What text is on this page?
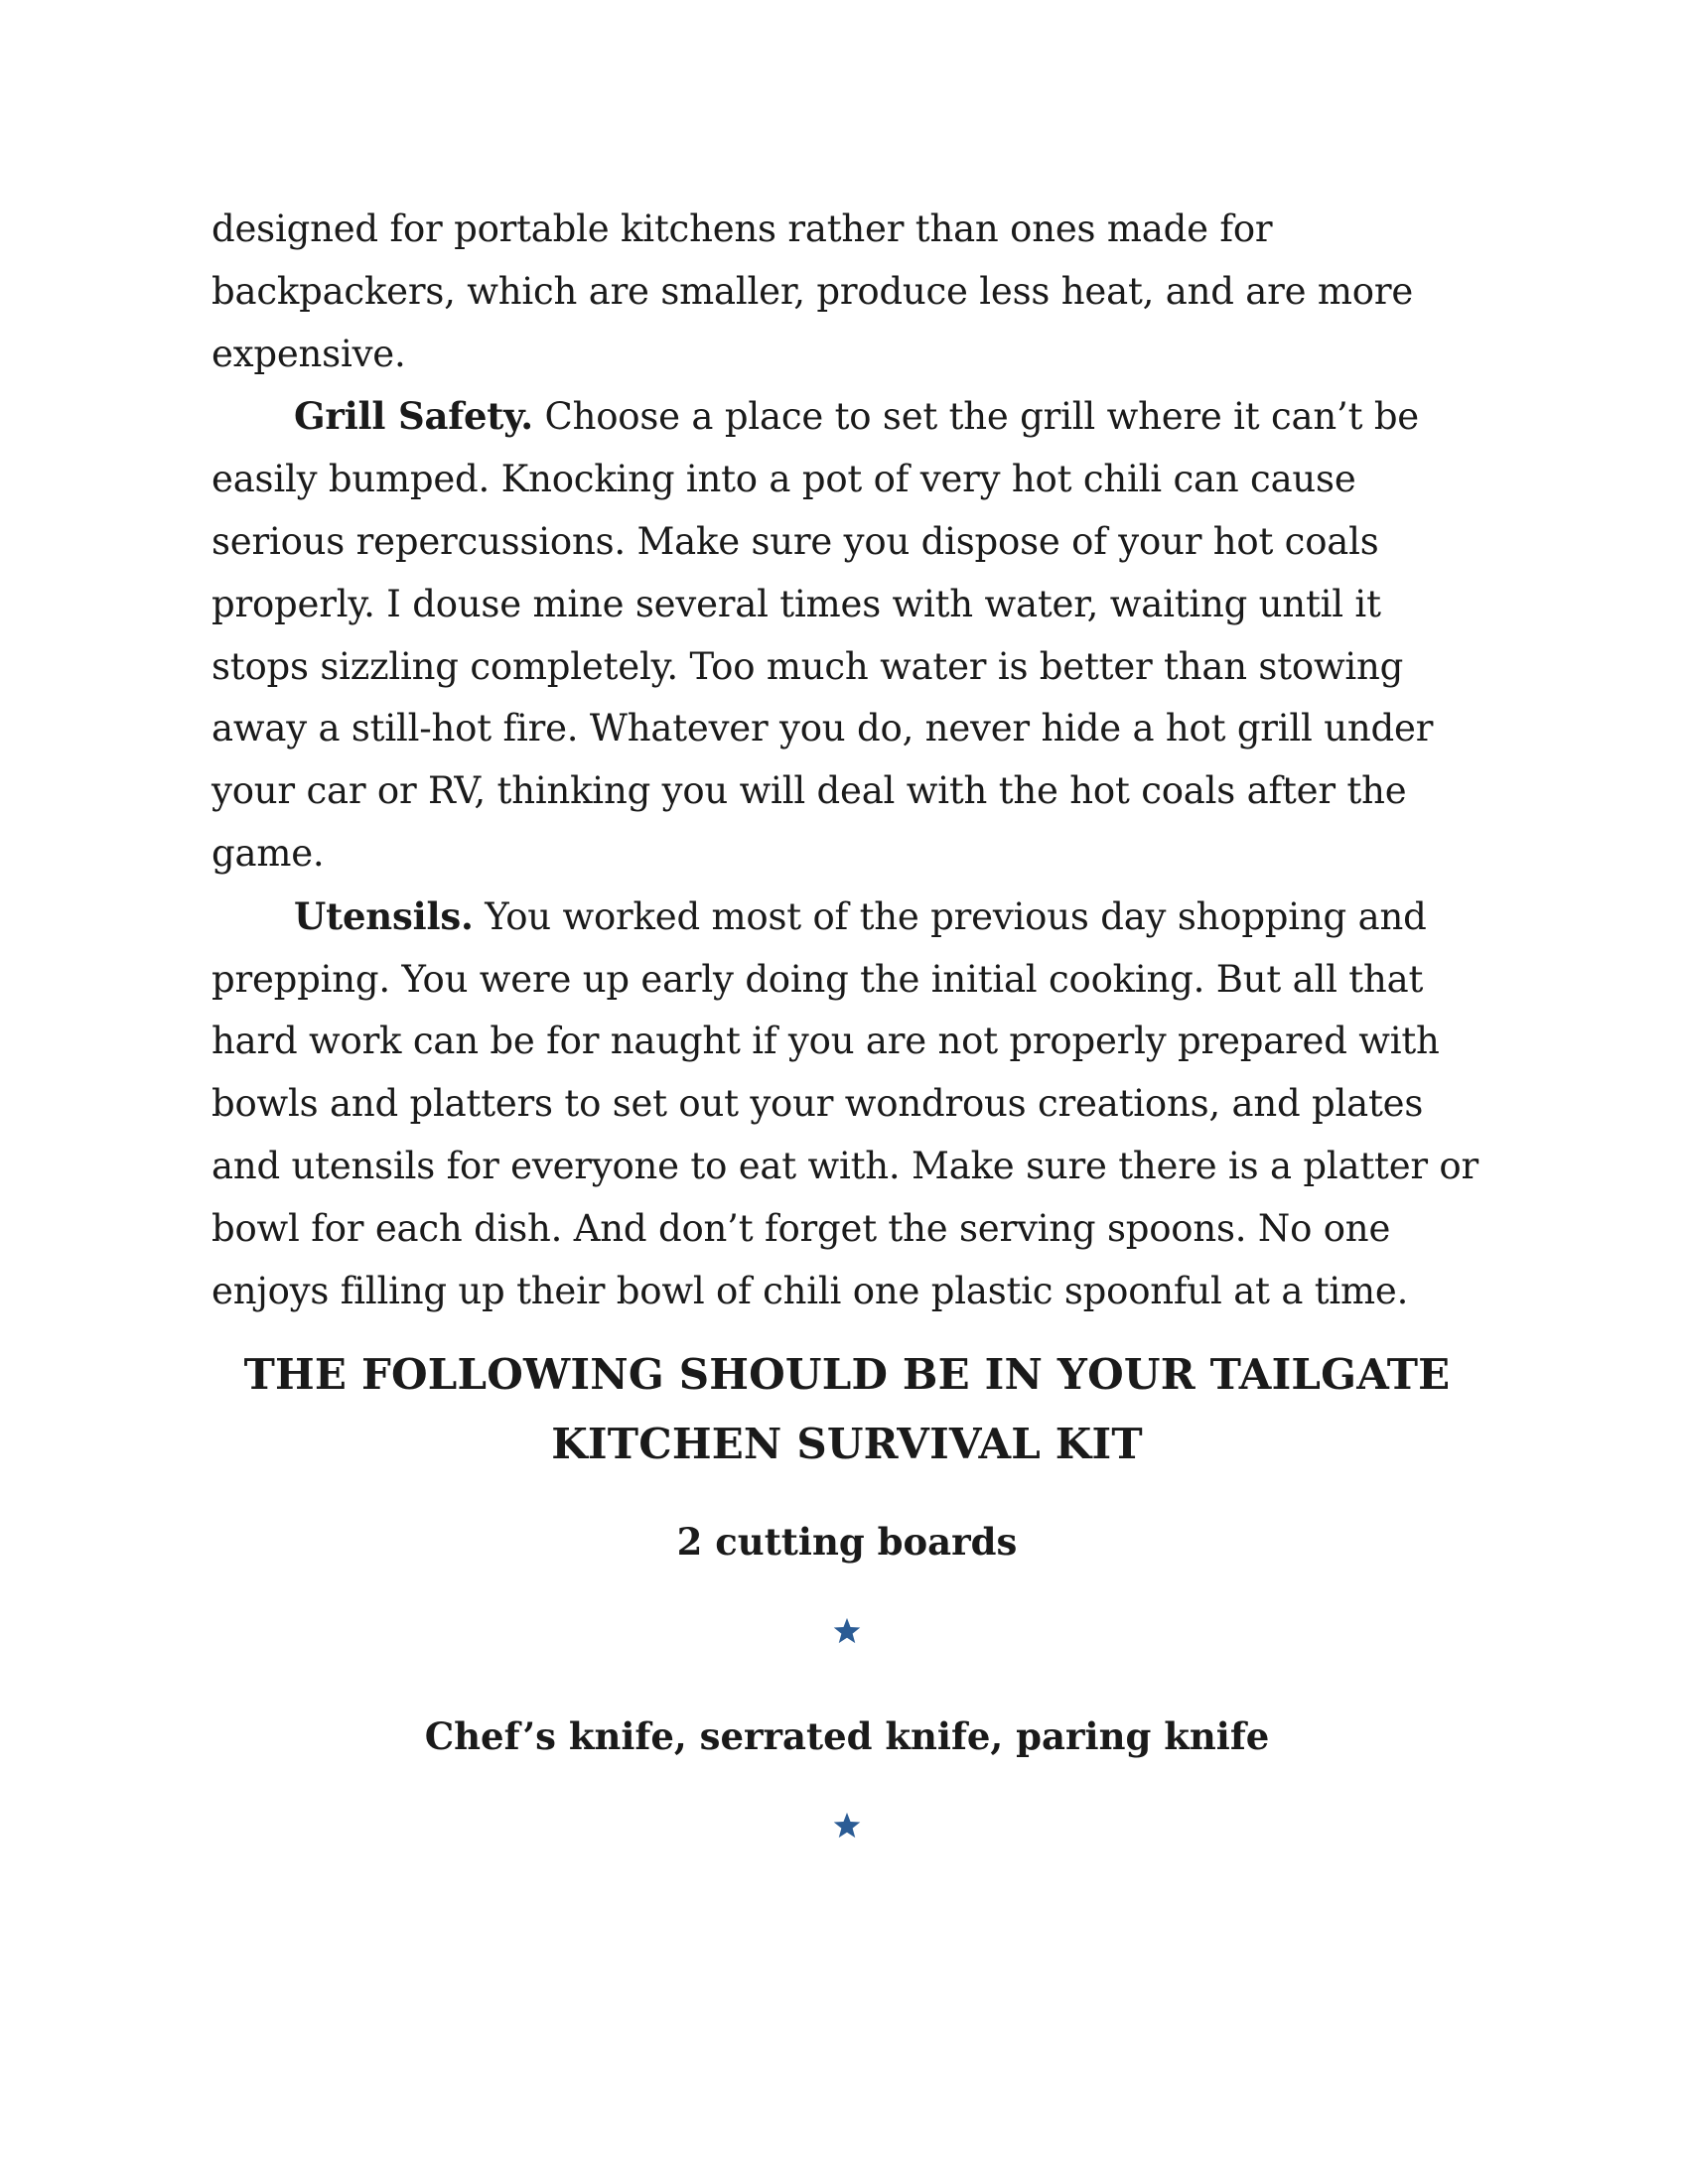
designed for portable kitchens rather than ones made for backpackers, which are smaller, produce less heat, and are more expensive.

Grill Safety. Choose a place to set the grill where it can’t be easily bumped. Knocking into a pot of very hot chili can cause serious repercussions. Make sure you dispose of your hot coals properly. I douse mine several times with water, waiting until it stops sizzling completely. Too much water is better than stowing away a still-hot fire. Whatever you do, never hide a hot grill under your car or RV, thinking you will deal with the hot coals after the game.

Utensils. You worked most of the previous day shopping and prepping. You were up early doing the initial cooking. But all that hard work can be for naught if you are not properly prepared with bowls and platters to set out your wondrous creations, and plates and utensils for everyone to eat with. Make sure there is a platter or bowl for each dish. And don’t forget the serving spoons. No one enjoys filling up their bowl of chili one plastic spoonful at a time.

THE FOLLOWING SHOULD BE IN YOUR TAILGATE
KITCHEN SURVIVAL KIT

2 cutting boards

Chef’s knife, serrated knife, paring knife
